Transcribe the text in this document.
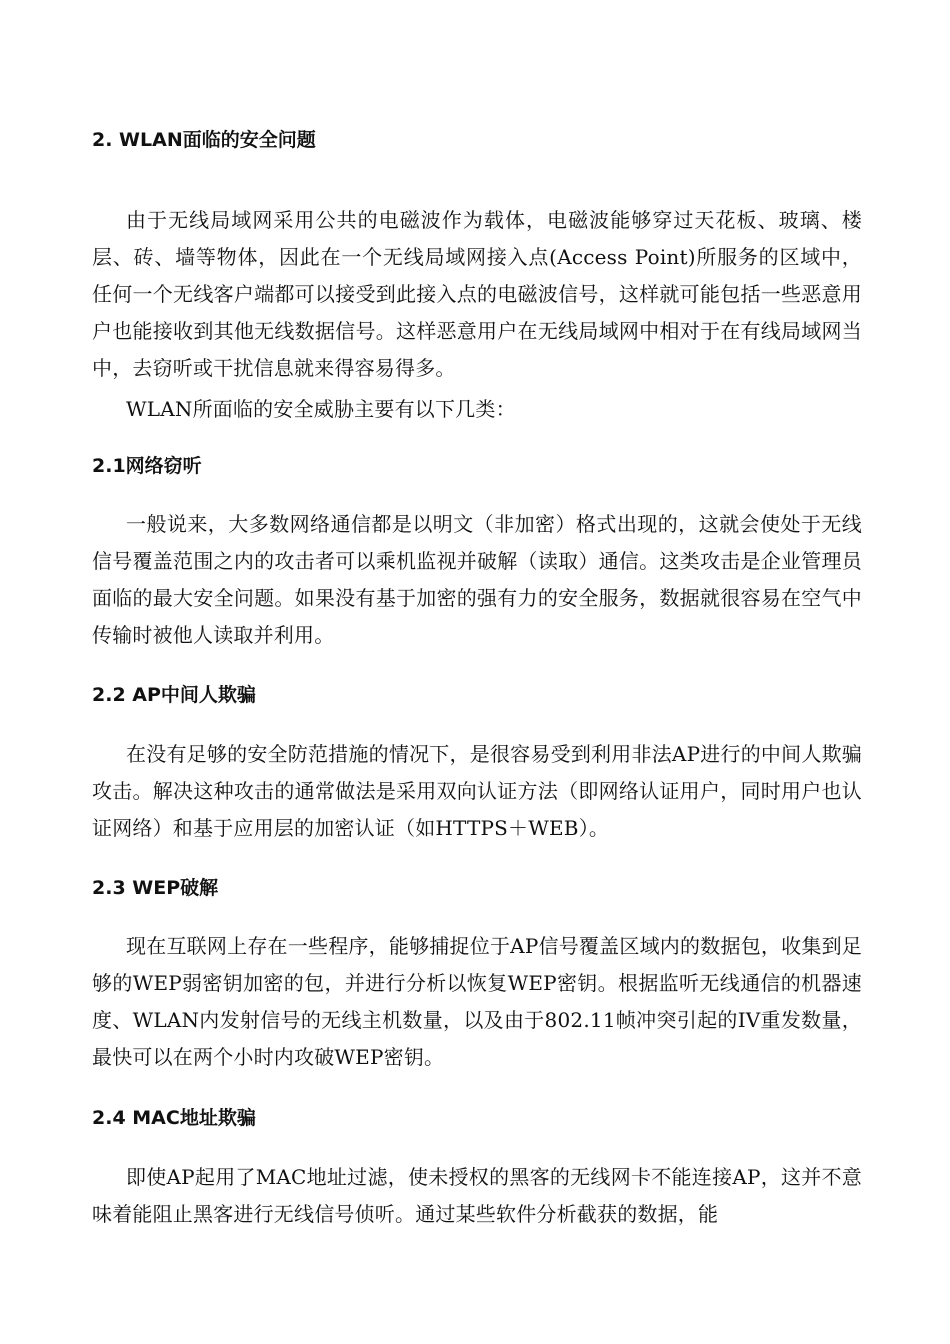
2. WLAN面临的安全问题
由于无线局域网采用公共的电磁波作为载体，电磁波能够穿过天花板、玻璃、楼层、砖、墙等物体，因此在一个无线局域网接入点(Access Point)所服务的区域中，任何一个无线客户端都可以接受到此接入点的电磁波信号，这样就可能包括一些恶意用户也能接收到其他无线数据信号。这样恶意用户在无线局域网中相对于在有线局域网当中，去窃听或干扰信息就来得容易得多。
WLAN所面临的安全威胁主要有以下几类：
2.1网络窃听
一般说来，大多数网络通信都是以明文（非加密）格式出现的，这就会使处于无线信号覆盖范围之内的攻击者可以乘机监视并破解（读取）通信。这类攻击是企业管理员面临的最大安全问题。如果没有基于加密的强有力的安全服务，数据就很容易在空气中传输时被他人读取并利用。
2.2 AP中间人欺骗
在没有足够的安全防范措施的情况下，是很容易受到利用非法AP进行的中间人欺骗攻击。解决这种攻击的通常做法是采用双向认证方法（即网络认证用户，同时用户也认证网络）和基于应用层的加密认证（如HTTPS＋WEB）。
2.3 WEP破解
现在互联网上存在一些程序，能够捕捉位于AP信号覆盖区域内的数据包，收集到足够的WEP弱密钥加密的包，并进行分析以恢复WEP密钥。根据监听无线通信的机器速度、WLAN内发射信号的无线主机数量，以及由于802.11帧冲突引起的IV重发数量，最快可以在两个小时内攻破WEP密钥。
2.4 MAC地址欺骗
即使AP起用了MAC地址过滤，使未授权的黑客的无线网卡不能连接AP，这并不意味着能阻止黑客进行无线信号侦听。通过某些软件分析截获的数据，能
